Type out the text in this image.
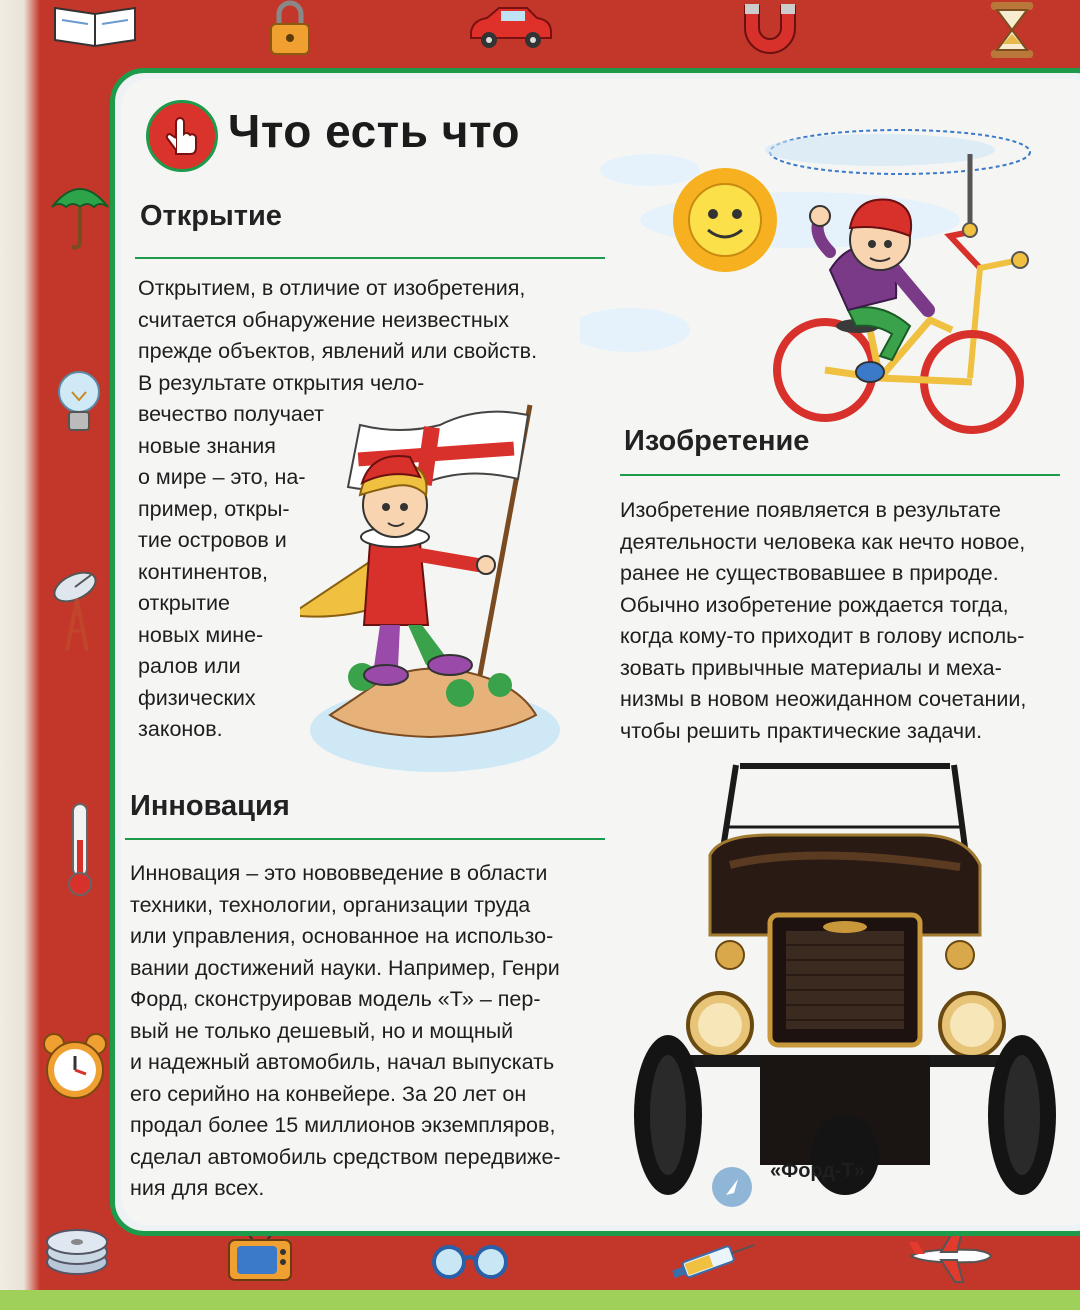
Что есть что
Открытие
Открытием, в отличие от изобретения,
считается обнаружение неизвестных
прежде объектов, явлений или свойств.
В результате открытия чело-
вечество получает
новые знания
о мире – это, на-
пример, откры-
тие островов и
континентов,
открытие
новых мине-
ралов или
физических
законов.
Изобретение
Изобретение появляется в результате
деятельности человека как нечто новое,
ранее не существовавшее в природе.
Обычно изобретение рождается тогда,
когда кому-то приходит в голову исполь-
зовать привычные материалы и меха-
низмы в новом неожиданном сочетании,
чтобы решить практические задачи.
Инновация
Инновация – это нововведение в области
техники, технологии, организации труда
или управления, основанное на использо-
вании достижений науки. Например, Генри
Форд, сконструировав модель «Т» – пер-
вый не только дешевый, но и мощный
и надежный автомобиль, начал выпускать
его серийно на конвейере. За 20 лет он
продал более 15 миллионов экземпляров,
сделал автомобиль средством передвиже-
ния для всех.
«Форд-Т»
